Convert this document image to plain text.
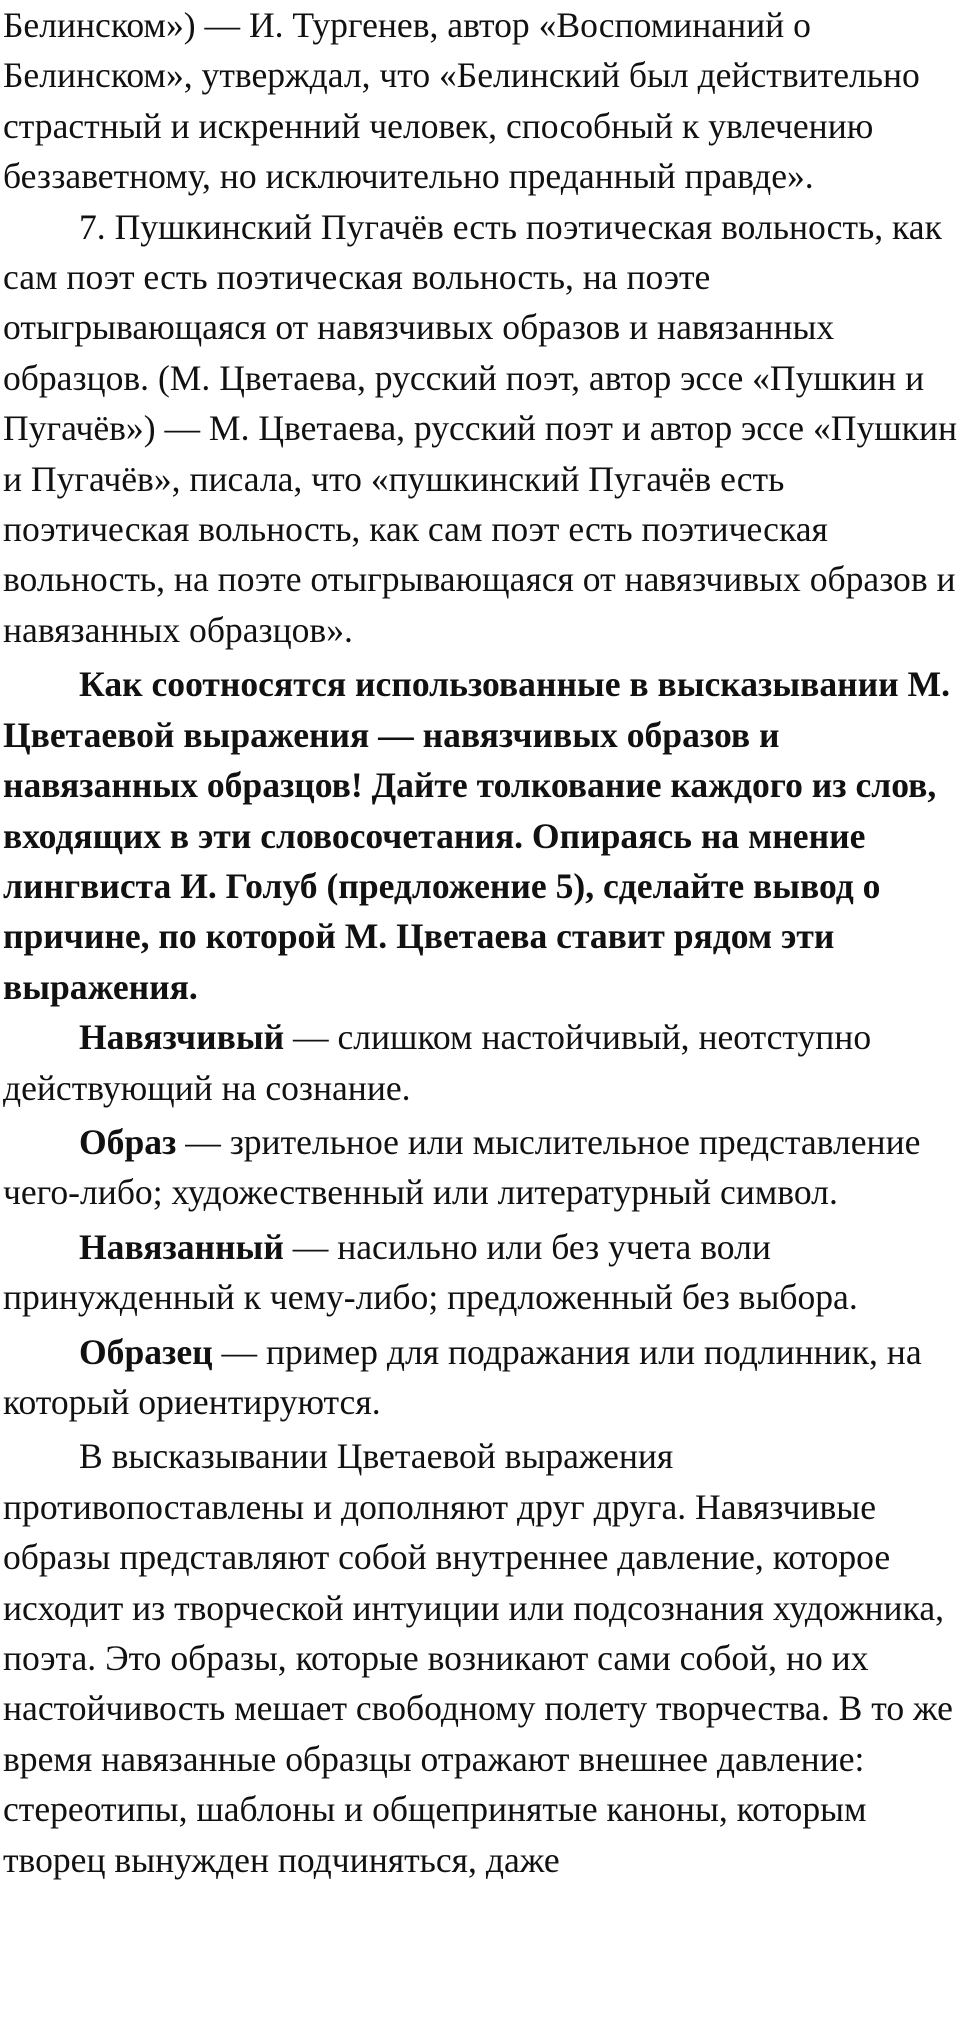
Белинском») — И. Тургенев, автор «Воспоминаний о Белинском», утверждал, что «Белинский был действительно страстный и искренний человек, способный к увлечению беззаветному, но исключительно преданный правде».

7. Пушкинский Пугачёв есть поэтическая вольность, как сам поэт есть поэтическая вольность, на поэте отыгрывающаяся от навязчивых образов и навязанных образцов. (М. Цветаева, русский поэт, автор эссе «Пушкин и Пугачёв») — М. Цветаева, русский поэт и автор эссе «Пушкин и Пугачёв», писала, что «пушкинский Пугачёв есть поэтическая вольность, как сам поэт есть поэтическая вольность, на поэте отыгрывающаяся от навязчивых образов и навязанных образцов».

Как соотносятся использованные в высказывании М. Цветаевой выражения — навязчивых образов и навязанных образцов! Дайте толкование каждого из слов, входящих в эти словосочетания. Опираясь на мнение лингвиста И. Голуб (предложение 5), сделайте вывод о причине, по которой М. Цветаева ставит рядом эти выражения.

Навязчивый — слишком настойчивый, неотступно действующий на сознание.

Образ — зрительное или мыслительное представление чего-либо; художественный или литературный символ.

Навязанный — насильно или без учета воли принужденный к чему-либо; предложенный без выбора.

Образец — пример для подражания или подлинник, на который ориентируются.

В высказывании Цветаевой выражения противопоставлены и дополняют друг друга. Навязчивые образы представляют собой внутреннее давление, которое исходит из творческой интуиции или подсознания художника, поэта. Это образы, которые возникают сами собой, но их настойчивость мешает свободному полету творчества. В то же время навязанные образцы отражают внешнее давление: стереотипы, шаблоны и общепринятые каноны, которым творец вынужден подчиняться, даже
